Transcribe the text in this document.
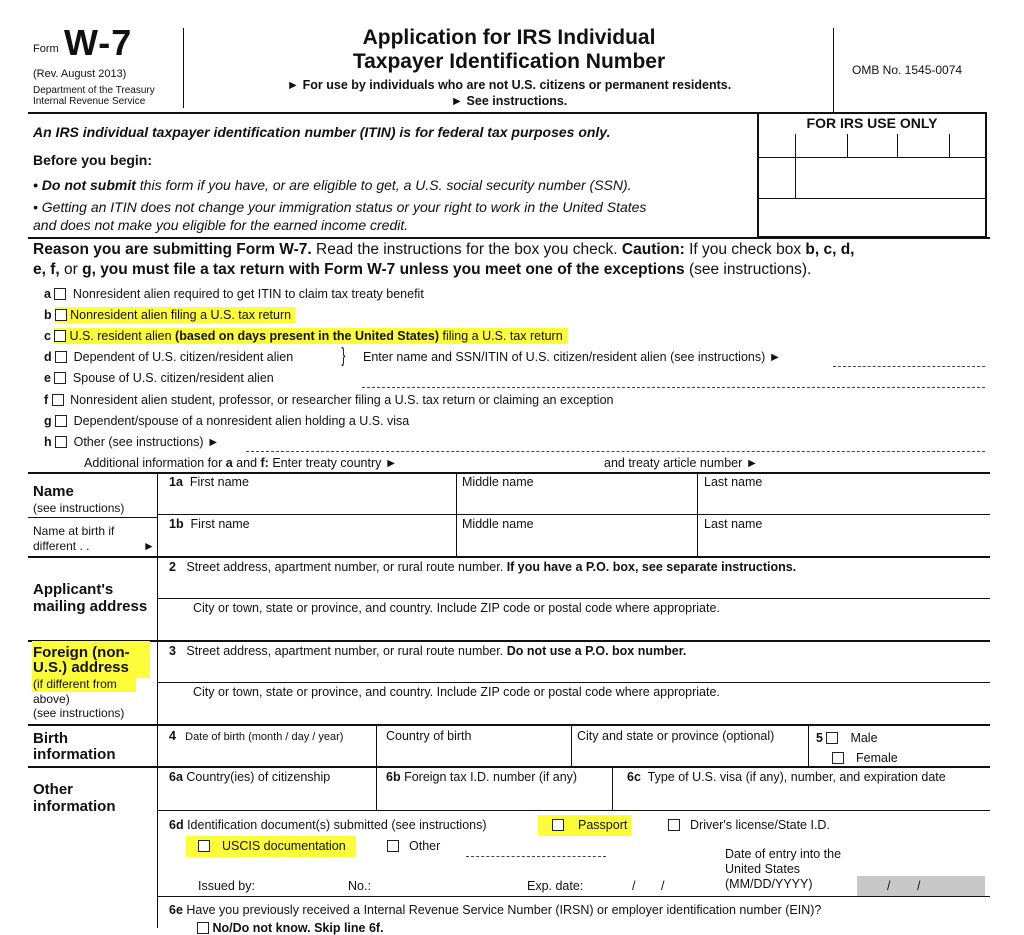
Form W-7
(Rev. August 2013)
Department of the Treasury
Internal Revenue Service
Application for IRS Individual
Taxpayer Identification Number
► For use by individuals who are not U.S. citizens or permanent residents.
► See instructions.
OMB No. 1545-0074
FOR IRS USE ONLY
An IRS individual taxpayer identification number (ITIN) is for federal tax purposes only.
Before you begin:
• Do not submit this form if you have, or are eligible to get, a U.S. social security number (SSN).
• Getting an ITIN does not change your immigration status or your right to work in the United States
and does not make you eligible for the earned income credit.
Reason you are submitting Form W-7. Read the instructions for the box you check. Caution: If you check box b, c, d,
e, f, or g, you must file a tax return with Form W-7 unless you meet one of the exceptions (see instructions).
a Nonresident alien required to get ITIN to claim tax treaty benefit
b Nonresident alien filing a U.S. tax return
c U.S. resident alien (based on days present in the United States) filing a U.S. tax return
d Dependent of U.S. citizen/resident alien } Enter name and SSN/ITIN of U.S. citizen/resident alien (see instructions) ►
e Spouse of U.S. citizen/resident alien
f Nonresident alien student, professor, or researcher filing a U.S. tax return or claiming an exception
g Dependent/spouse of a nonresident alien holding a U.S. visa
h Other (see instructions) ►
Additional information for a and f: Enter treaty country ►	and treaty article number ►
Name
(see instructions)
Name at birth if
different . .	►
1a First name	Middle name	Last name
1b First name	Middle name	Last name
Applicant's
mailing address
2 Street address, apartment number, or rural route number. If you have a P.O. box, see separate instructions.
City or town, state or province, and country. Include ZIP code or postal code where appropriate.
Foreign (non-
U.S.) address
(if different from
above)
(see instructions)
3 Street address, apartment number, or rural route number. Do not use a P.O. box number.
City or town, state or province, and country. Include ZIP code or postal code where appropriate.
Birth
information
4 Date of birth (month / day / year)	Country of birth	City and state or province (optional)	5 Male
Female
Other
information
6a Country(ies) of citizenship	6b Foreign tax I.D. number (if any)	6c Type of U.S. visa (if any), number, and expiration date
6d Identification document(s) submitted (see instructions)	Passport	Driver's license/State I.D.
USCIS documentation	Other
Date of entry into the
United States
(MM/DD/YYYY)
Issued by:	No.:	Exp. date:	/ /	/ /
6e Have you previously received a Internal Revenue Service Number (IRSN) or employer identification number (EIN)?
No/Do not know. Skip line 6f.
